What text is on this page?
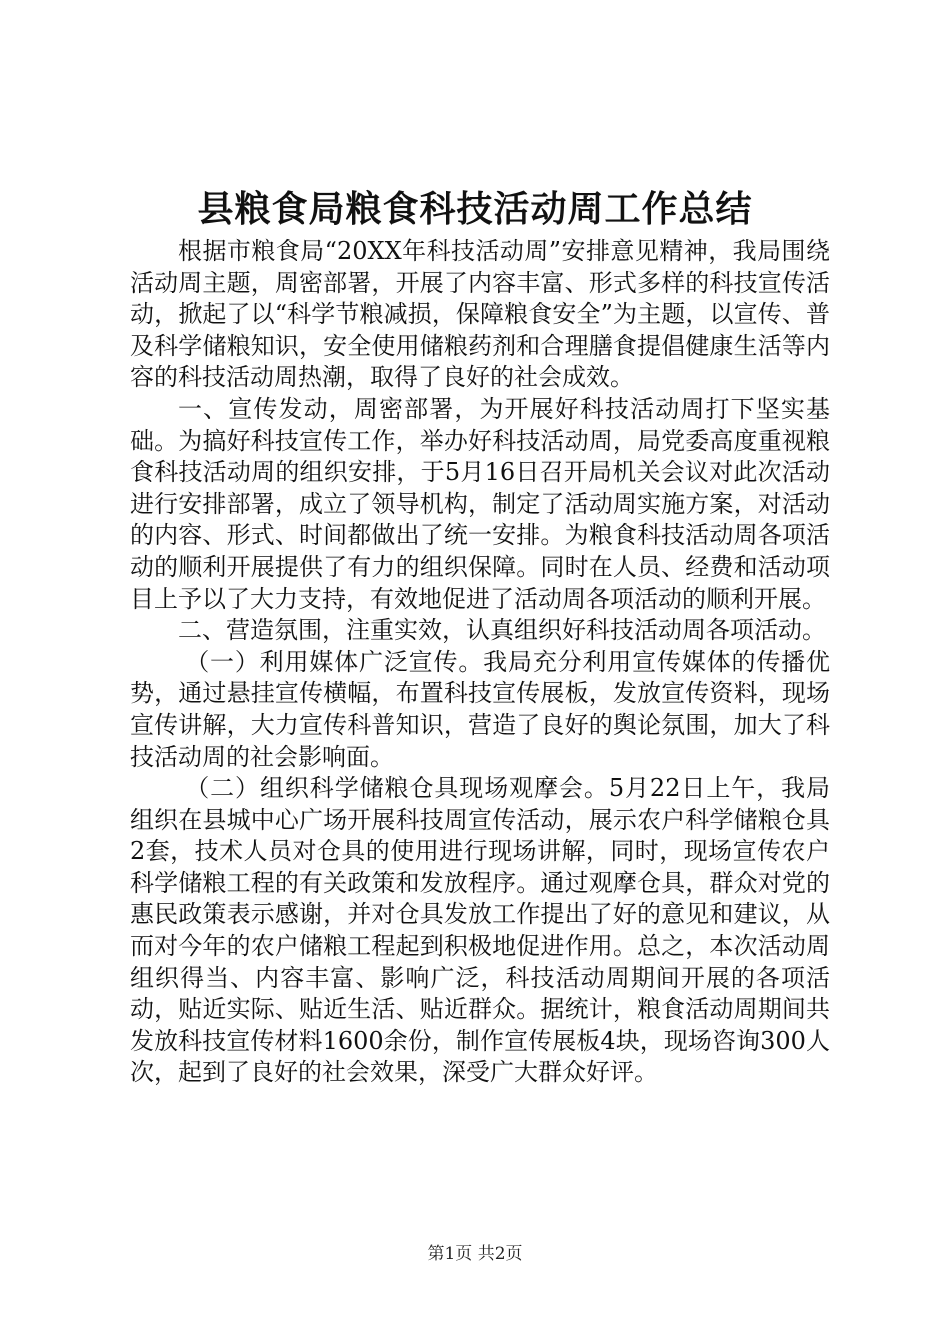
县粮食局粮食科技活动周工作总结

根据市粮食局“20XX年科技活动周”安排意见精神，我局围绕活动周主题，周密部署，开展了内容丰富、形式多样的科技宣传活动，掀起了以“科学节粮减损，保障粮食安全”为主题，以宣传、普及科学储粮知识，安全使用储粮药剂和合理膳食提倡健康生活等内容的科技活动周热潮，取得了良好的社会成效。

一、宣传发动，周密部署，为开展好科技活动周打下坚实基础。为搞好科技宣传工作，举办好科技活动周，局党委高度重视粮食科技活动周的组织安排，于5月16日召开局机关会议对此次活动进行安排部署，成立了领导机构，制定了活动周实施方案，对活动的内容、形式、时间都做出了统一安排。为粮食科技活动周各项活动的顺利开展提供了有力的组织保障。同时在人员、经费和活动项目上予以了大力支持，有效地促进了活动周各项活动的顺利开展。

二、营造氛围，注重实效，认真组织好科技活动周各项活动。

（一）利用媒体广泛宣传。我局充分利用宣传媒体的传播优势，通过悬挂宣传横幅，布置科技宣传展板，发放宣传资料，现场宣传讲解，大力宣传科普知识，营造了良好的舆论氛围，加大了科技活动周的社会影响面。

（二）组织科学储粮仓具现场观摩会。5月22日上午，我局组织在县城中心广场开展科技周宣传活动，展示农户科学储粮仓具2套，技术人员对仓具的使用进行现场讲解，同时，现场宣传农户科学储粮工程的有关政策和发放程序。通过观摩仓具，群众对党的惠民政策表示感谢，并对仓具发放工作提出了好的意见和建议，从而对今年的农户储粮工程起到积极地促进作用。总之，本次活动周组织得当、内容丰富、影响广泛，科技活动周期间开展的各项活动，贴近实际、贴近生活、贴近群众。据统计，粮食活动周期间共发放科技宣传材料1600余份，制作宣传展板4块，现场咨询300人次，起到了良好的社会效果，深受广大群众好评。

第1页 共2页
